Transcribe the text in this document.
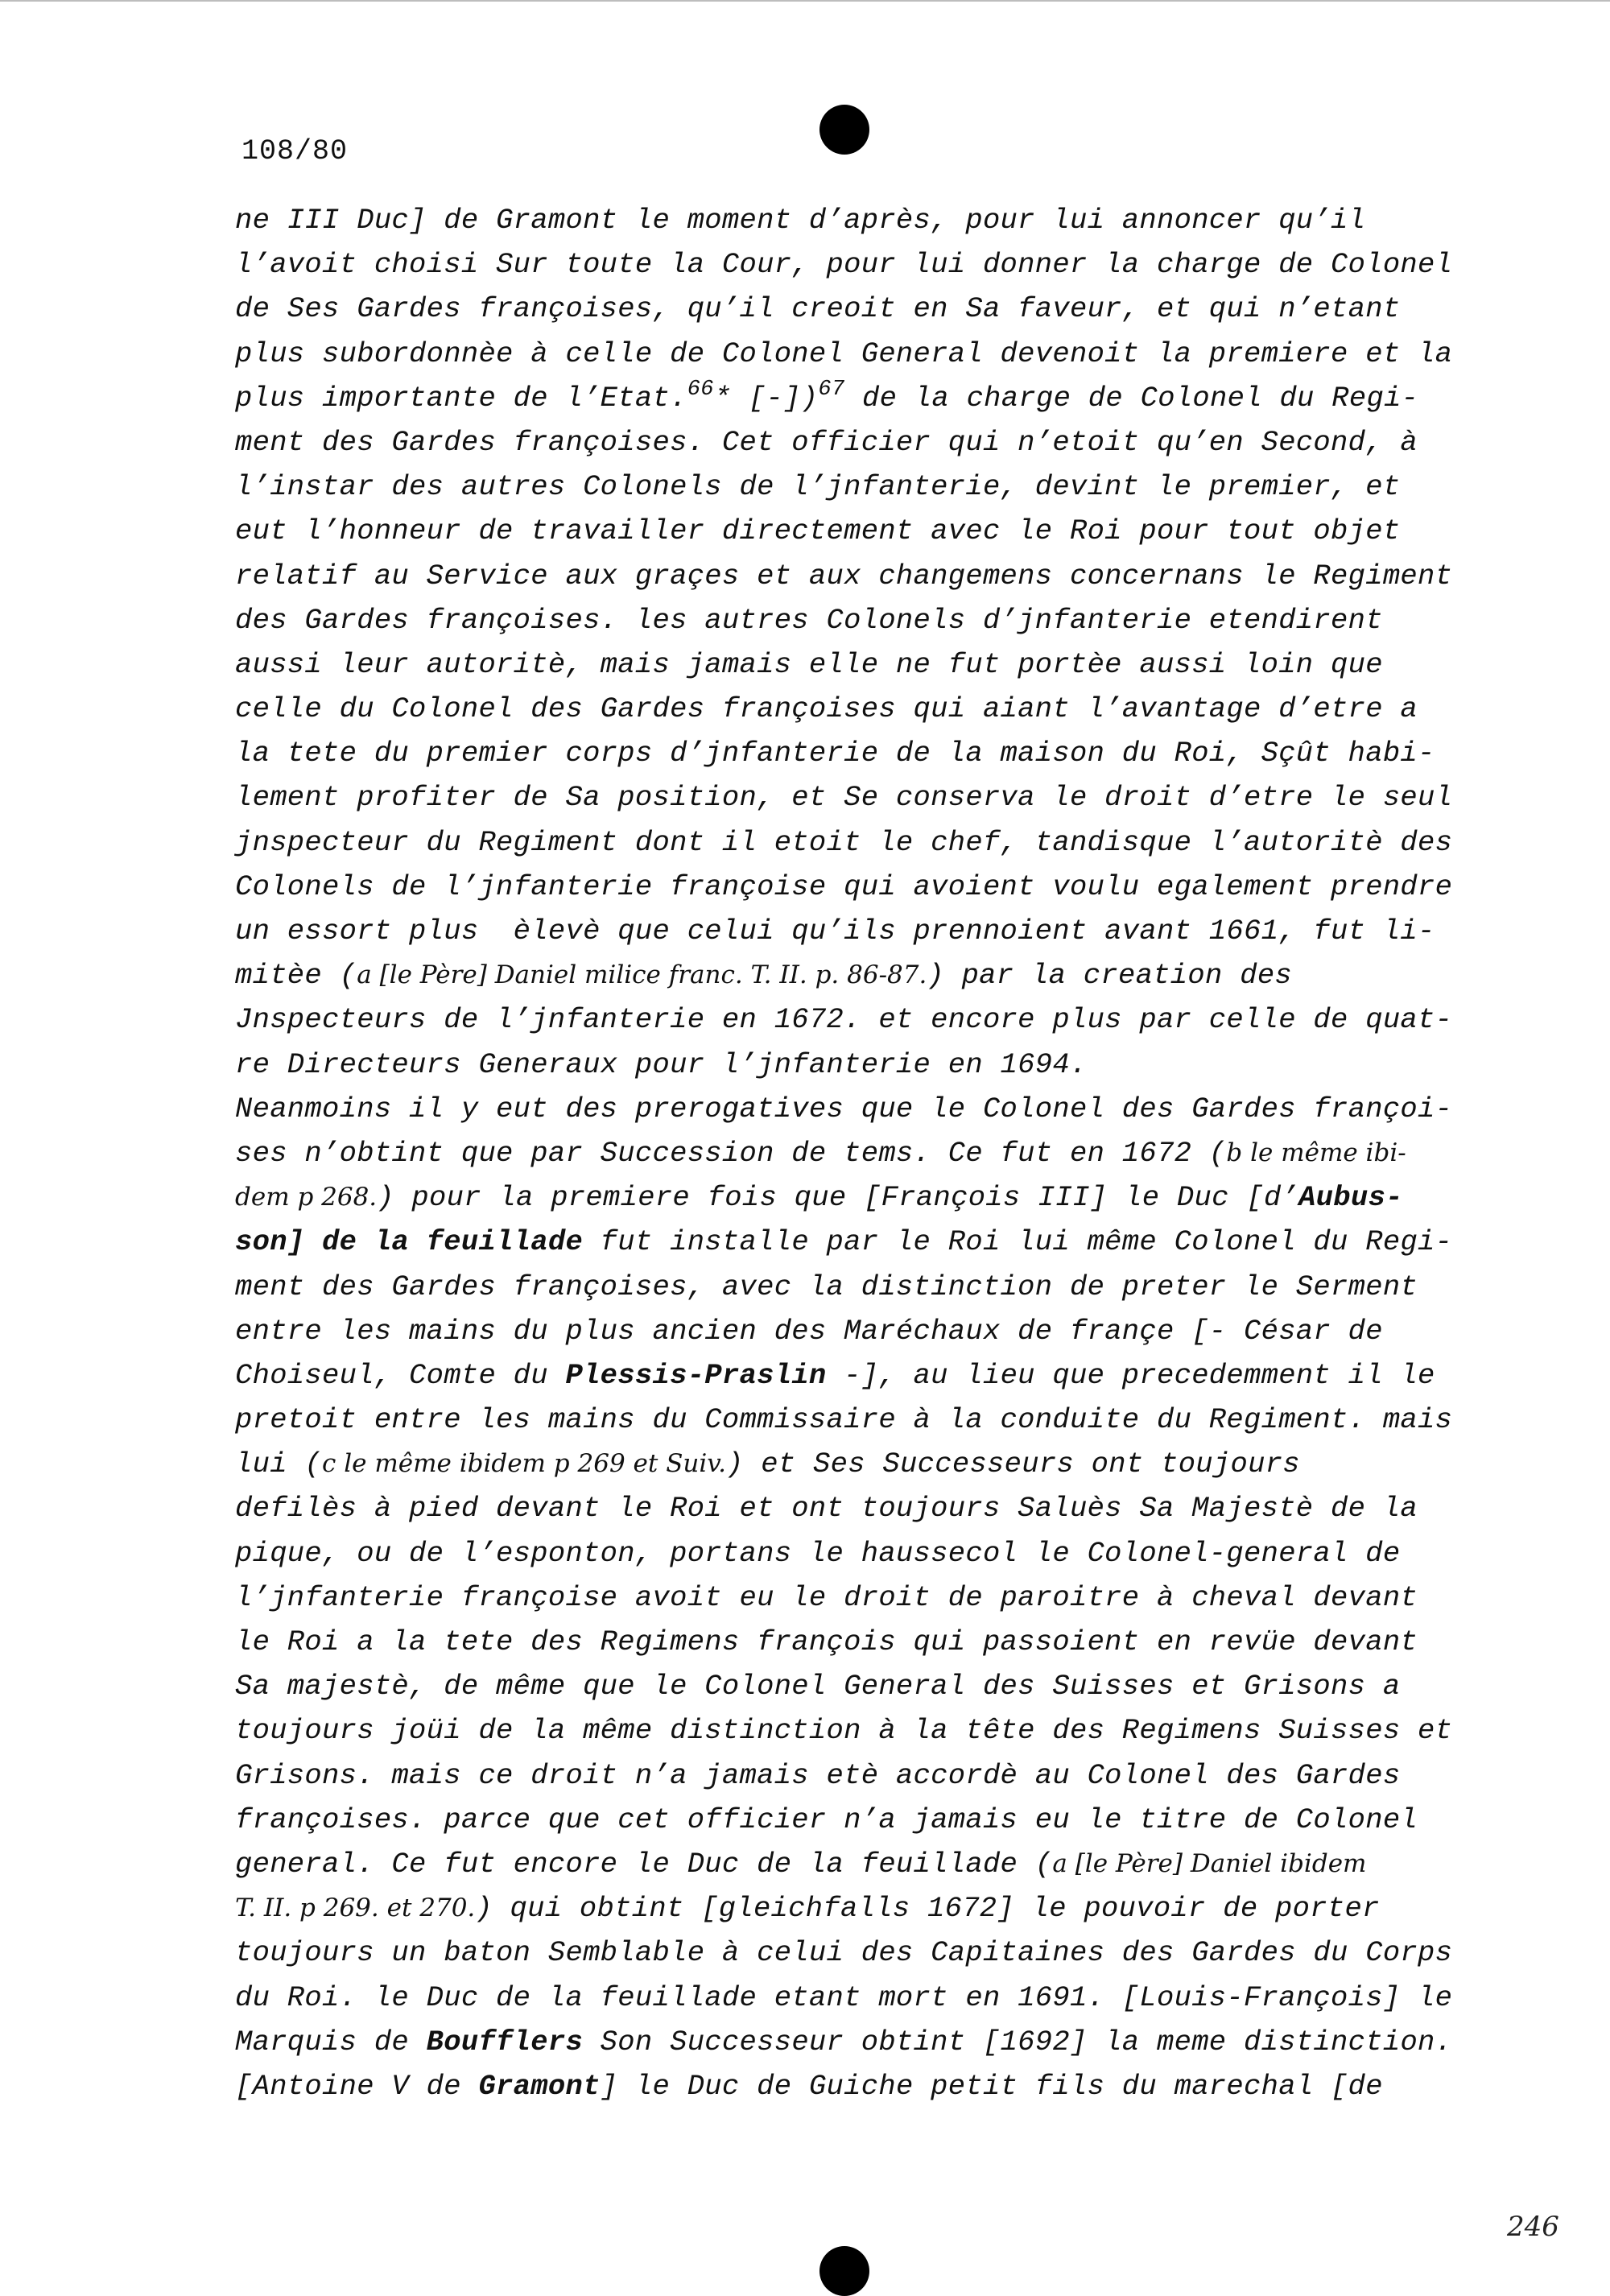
108/80
ne III Duc] de Gramont le moment d’après, pour lui annoncer qu’il
l’avoit choisi Sur toute la Cour, pour lui donner la charge de Colonel
de Ses Gardes françoises, qu’il creoit en Sa faveur, et qui n’etant
plus subordonnèe à celle de Colonel General devenoit la premiere et la
plus importante de l’Etat.$^{66}$* [-])$^{67}$ de la charge de Colonel du Regi-
ment des Gardes françoises. Cet officier qui n’etoit qu’en Second, à
l’instar des autres Colonels de l’jnfanterie, devint le premier, et
eut l’honneur de travailler directement avec le Roi pour tout objet
relatif au Service aux graçes et aux changemens concernans le Regiment
des Gardes françoises. les autres Colonels d’jnfanterie etendirent
aussi leur autoritè, mais jamais elle ne fut portèe aussi loin que
celle du Colonel des Gardes françoises qui aiant l’avantage d’etre a
la tete du premier corps d’jnfanterie de la maison du Roi, Sçût habi-
lement profiter de Sa position, et Se conserva le droit d’etre le seul
jnspecteur du Regiment dont il etoit le chef, tandisque l’autoritè des
Colonels de l’jnfanterie françoise qui avoient voulu egalement prendre
un essort plus  èlevè que celui qu’ils prennoient avant 1661, fut li-
mitèe (a [le Père] Daniel milice franc. T. II. p. 86-87.) par la creation des
Jnspecteurs de l’jnfanterie en 1672. et encore plus par celle de quat-
re Directeurs Generaux pour l’jnfanterie en 1694.
Neanmoins il y eut des prerogatives que le Colonel des Gardes françoi-
ses n’obtint que par Succession de tems. Ce fut en 1672 (b le même ibi-
dem p 268.) pour la premiere fois que [François III] le Duc [d’Aubus-
son] de la feuillade fut installe par le Roi lui même Colonel du Regi-
ment des Gardes françoises, avec la distinction de preter le Serment
entre les mains du plus ancien des Maréchaux de françe [- César de
Choiseul, Comte du Plessis-Praslin -], au lieu que precedemment il le
pretoit entre les mains du Commissaire à la conduite du Regiment. mais
lui (c le même ibidem p 269 et Suiv.) et Ses Successeurs ont toujours
defilès à pied devant le Roi et ont toujours Saluès Sa Majestè de la
pique, ou de l’esponton, portans le haussecol le Colonel-general de
l’jnfanterie françoise avoit eu le droit de paroitre à cheval devant
le Roi a la tete des Regimens françois qui passoient en revüe devant
Sa majestè, de même que le Colonel General des Suisses et Grisons a
toujours joüi de la même distinction à la tête des Regimens Suisses et
Grisons. mais ce droit n’a jamais etè accordè au Colonel des Gardes
françoises. parce que cet officier n’a jamais eu le titre de Colonel
general. Ce fut encore le Duc de la feuillade (a [le Père] Daniel ibidem
T. II. p 269. et 270.) qui obtint [gleichfalls 1672] le pouvoir de porter
toujours un baton Semblable à celui des Capitaines des Gardes du Corps
du Roi. le Duc de la feuillade etant mort en 1691. [Louis-François] le
Marquis de Boufflers Son Successeur obtint [1692] la meme distinction.
[Antoine V de Gramont] le Duc de Guiche petit fils du marechal [de
246
